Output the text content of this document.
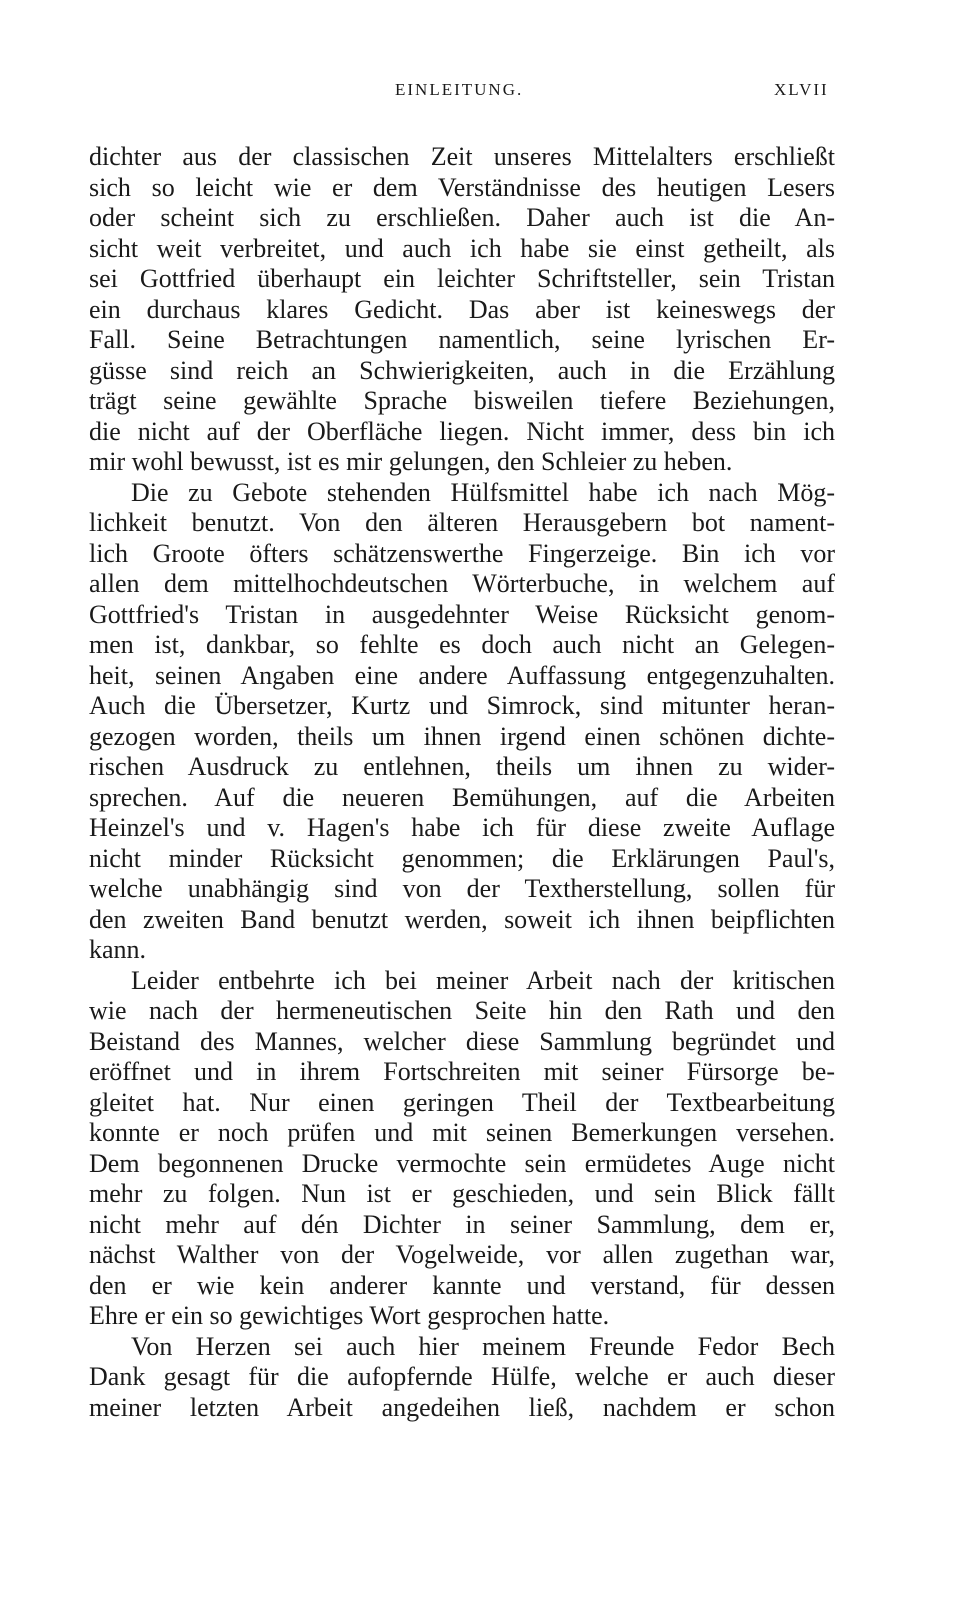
EINLEITUNG.	XLVII
dichter aus der classischen Zeit unseres Mittelalters erschließt
sich so leicht wie er dem Verständnisse des heutigen Lesers
oder scheint sich zu erschließen. Daher auch ist die An-
sicht weit verbreitet, und auch ich habe sie einst getheilt, als
sei Gottfried überhaupt ein leichter Schriftsteller, sein Tristan
ein durchaus klares Gedicht. Das aber ist keineswegs der
Fall. Seine Betrachtungen namentlich, seine lyrischen Er-
güsse sind reich an Schwierigkeiten, auch in die Erzählung
trägt seine gewählte Sprache bisweilen tiefere Beziehungen,
die nicht auf der Oberfläche liegen. Nicht immer, dess bin ich
mir wohl bewusst, ist es mir gelungen, den Schleier zu heben.
Die zu Gebote stehenden Hülfsmittel habe ich nach Mög-
lichkeit benutzt. Von den älteren Herausgebern bot nament-
lich Groote öfters schätzenswerthe Fingerzeige. Bin ich vor
allen dem mittelhochdeutschen Wörterbuche, in welchem auf
Gottfried's Tristan in ausgedehnter Weise Rücksicht genom-
men ist, dankbar, so fehlte es doch auch nicht an Gelegen-
heit, seinen Angaben eine andere Auffassung entgegenzuhalten.
Auch die Übersetzer, Kurtz und Simrock, sind mitunter heran-
gezogen worden, theils um ihnen irgend einen schönen dichte-
rischen Ausdruck zu entlehnen, theils um ihnen zu wider-
sprechen. Auf die neueren Bemühungen, auf die Arbeiten
Heinzel's und v. Hagen's habe ich für diese zweite Auflage
nicht minder Rücksicht genommen; die Erklärungen Paul's,
welche unabhängig sind von der Textherstellung, sollen für
den zweiten Band benutzt werden, soweit ich ihnen beipflichten
kann.
Leider entbehrte ich bei meiner Arbeit nach der kritischen
wie nach der hermeneutischen Seite hin den Rath und den
Beistand des Mannes, welcher diese Sammlung begründet und
eröffnet und in ihrem Fortschreiten mit seiner Fürsorge be-
gleitet hat. Nur einen geringen Theil der Textbearbeitung
konnte er noch prüfen und mit seinen Bemerkungen versehen.
Dem begonnenen Drucke vermochte sein ermüdetes Auge nicht
mehr zu folgen. Nun ist er geschieden, und sein Blick fällt
nicht mehr auf dén Dichter in seiner Sammlung, dem er,
nächst Walther von der Vogelweide, vor allen zugethan war,
den er wie kein anderer kannte und verstand, für dessen
Ehre er ein so gewichtiges Wort gesprochen hatte.
Von Herzen sei auch hier meinem Freunde Fedor Bech
Dank gesagt für die aufopfernde Hülfe, welche er auch dieser
meiner letzten Arbeit angedeihen ließ, nachdem er schon
